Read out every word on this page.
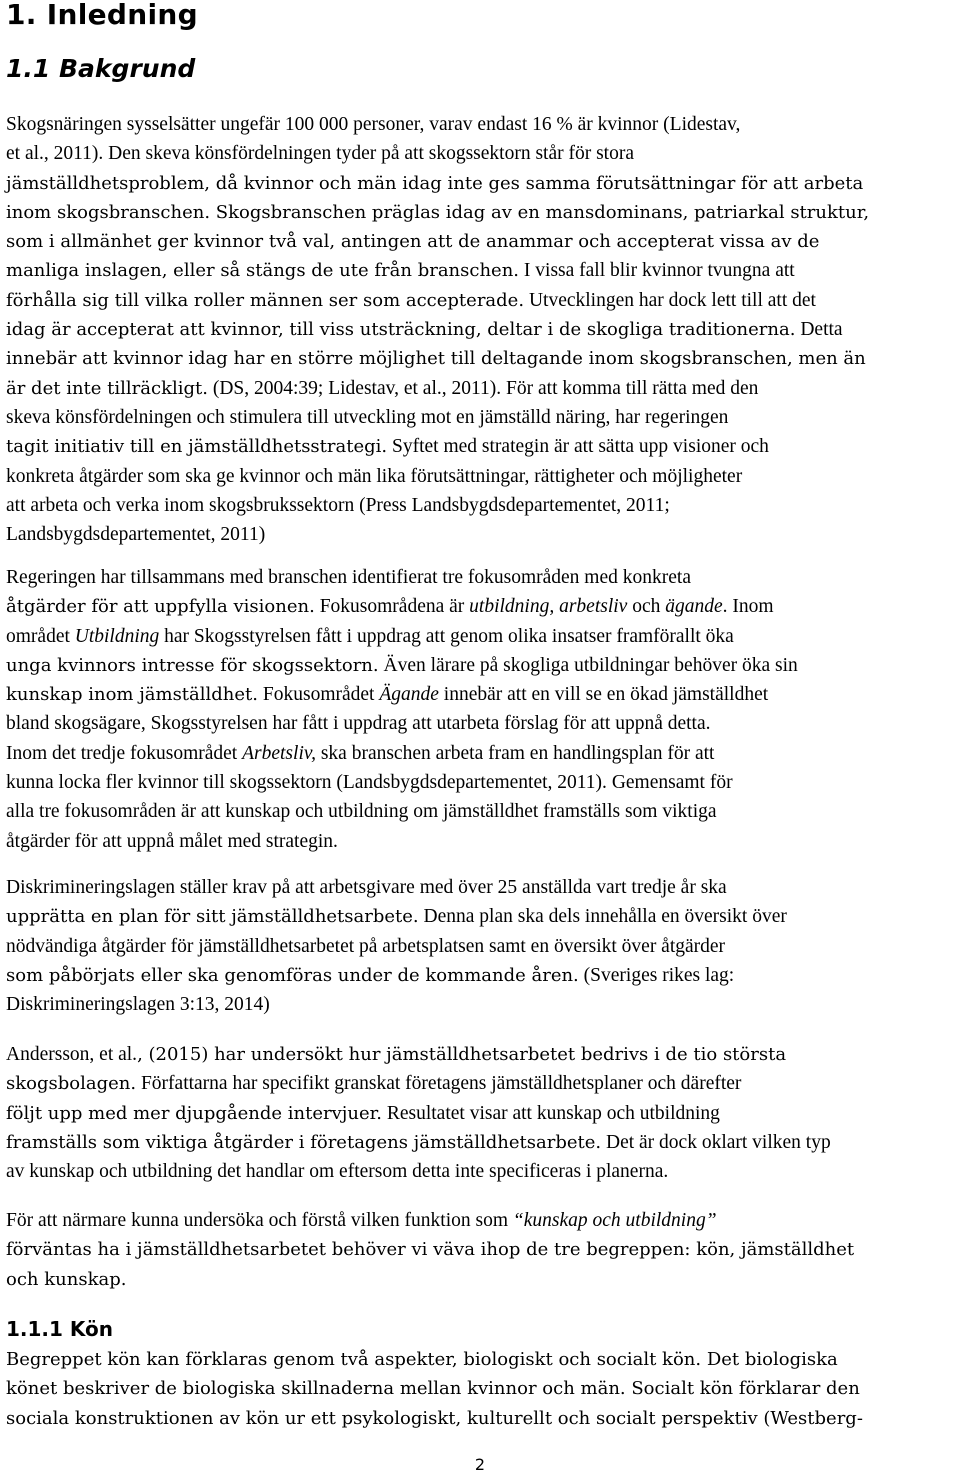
1. Inledning
1.1 Bakgrund

Skogsnäringen sysselsätter ungefär 100 000 personer, varav endast 16 % är kvinnor (Lidestav,
et al., 2011). Den skeva könsfördelningen tyder på att skogssektorn står för stora
jämställdhetsproblem, då kvinnor och män idag inte ges samma förutsättningar för att arbeta
inom skogsbranschen. Skogsbranschen präglas idag av en mansdominans, patriarkal struktur,
som i allmänhet ger kvinnor två val, antingen att de anammar och accepterat vissa av de
manliga inslagen, eller så stängs de ute från branschen. I vissa fall blir kvinnor tvungna att
förhålla sig till vilka roller männen ser som accepterade. Utvecklingen har dock lett till att det
idag är accepterat att kvinnor, till viss utsträckning, deltar i de skogliga traditionerna. Detta
innebär att kvinnor idag har en större möjlighet till deltagande inom skogsbranschen, men än
är det inte tillräckligt. (DS, 2004:39; Lidestav, et al., 2011). För att komma till rätta med den
skeva könsfördelningen och stimulera till utveckling mot en jämställd näring, har regeringen
tagit initiativ till en jämställdhetsstrategi. Syftet med strategin är att sätta upp visioner och
konkreta åtgärder som ska ge kvinnor och män lika förutsättningar, rättigheter och möjligheter
att arbeta och verka inom skogsbrukssektorn (Press Landsbygdsdepartementet, 2011;
Landsbygdsdepartementet, 2011)

Regeringen har tillsammans med branschen identifierat tre fokusområden med konkreta
åtgärder för att uppfylla visionen. Fokusområdena är utbildning, arbetsliv och ägande. Inom
området Utbildning har Skogsstyrelsen fått i uppdrag att genom olika insatser framförallt öka
unga kvinnors intresse för skogssektorn. Även lärare på skogliga utbildningar behöver öka sin
kunskap inom jämställdhet. Fokusområdet Ägande innebär att en vill se en ökad jämställdhet
bland skogsägare, Skogsstyrelsen har fått i uppdrag att utarbeta förslag för att uppnå detta.
Inom det tredje fokusområdet Arbetsliv, ska branschen arbeta fram en handlingsplan för att
kunna locka fler kvinnor till skogssektorn (Landsbygdsdepartementet, 2011). Gemensamt för
alla tre fokusområden är att kunskap och utbildning om jämställdhet framställs som viktiga
åtgärder för att uppnå målet med strategin.

Diskrimineringslagen ställer krav på att arbetsgivare med över 25 anställda vart tredje år ska
upprätta en plan för sitt jämställdhetsarbete. Denna plan ska dels innehålla en översikt över
nödvändiga åtgärder för jämställdhetsarbetet på arbetsplatsen samt en översikt över åtgärder
som påbörjats eller ska genomföras under de kommande åren. (Sveriges rikes lag:
Diskrimineringslagen 3:13, 2014)

Andersson, et al., (2015) har undersökt hur jämställdhetsarbetet bedrivs i de tio största
skogsbolagen. Författarna har specifikt granskat företagens jämställdhetsplaner och därefter
följt upp med mer djupgående intervjuer. Resultatet visar att kunskap och utbildning
framställs som viktiga åtgärder i företagens jämställdhetsarbete. Det är dock oklart vilken typ
av kunskap och utbildning det handlar om eftersom detta inte specificeras i planerna.

För att närmare kunna undersöka och förstå vilken funktion som “kunskap och utbildning”
förväntas ha i jämställdhetsarbetet behöver vi väva ihop de tre begreppen: kön, jämställdhet
och kunskap.

1.1.1 Kön

Begreppet kön kan förklaras genom två aspekter, biologiskt och socialt kön. Det biologiska
könet beskriver de biologiska skillnaderna mellan kvinnor och män. Socialt kön förklarar den
sociala konstruktionen av kön ur ett psykologiskt, kulturellt och socialt perspektiv (Westberg-

2
